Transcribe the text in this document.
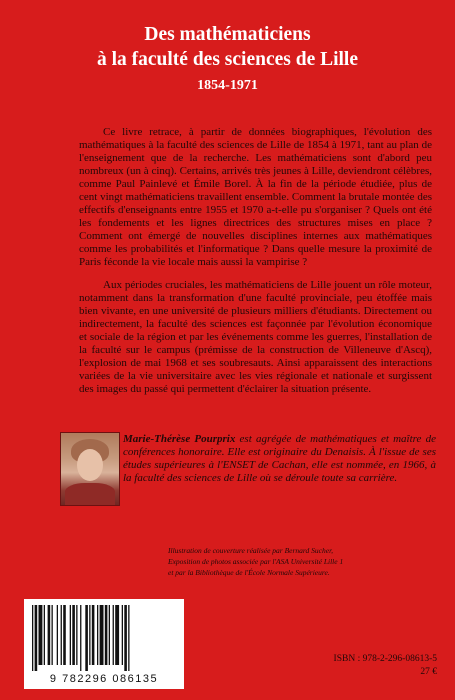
Des mathématiciens
à la faculté des sciences de Lille
1854-1971

Ce livre retrace, à partir de données biographiques, l'évolution des mathématiques à la faculté des sciences de Lille de 1854 à 1971, tant au plan de l'enseignement que de la recherche. Les mathématiciens sont d'abord peu nombreux (un à cinq). Certains, arrivés très jeunes à Lille, deviendront célèbres, comme Paul Painlevé et Émile Borel. À la fin de la période étudiée, plus de cent vingt mathématiciens travaillent ensemble. Comment la brutale montée des effectifs d'enseignants entre 1955 et 1970 a-t-elle pu s'organiser ? Quels ont été les fondements et les lignes directrices des structures mises en place ? Comment ont émergé de nouvelles disciplines internes aux mathématiques comme les probabilités et l'informatique ? Dans quelle mesure la proximité de Paris féconde la vie locale mais aussi la vampirise ?

Aux périodes cruciales, les mathématiciens de Lille jouent un rôle moteur, notamment dans la transformation d'une faculté provinciale, peu étoffée mais bien vivante, en une université de plusieurs milliers d'étudiants. Directement ou indirectement, la faculté des sciences est façonnée par l'évolution économique et sociale de la région et par les événements comme les guerres, l'installation de la faculté sur le campus (prémisse de la construction de Villeneuve d'Ascq), l'explosion de mai 1968 et ses soubresauts. Ainsi apparaissent des interactions variées de la vie universitaire avec les vies régionale et nationale et surgissent des images du passé qui permettent d'éclairer la situation présente.

Marie-Thérèse Pourprix est agrégée de mathématiques et maître de conférences honoraire. Elle est originaire du Denaisis. À l'issue de ses études supérieures à l'ENSET de Cachan, elle est nommée, en 1966, à la faculté des sciences de Lille où se déroule toute sa carrière.
Illustration de couverture réalisée par Bernard Sucher,
Exposition de photos associée par l'ASA Université Lille 1
et par la Bibliothèque de l'École Normale Supérieure.
9 782296 086135
ISBN : 978-2-296-08613-5
27 €
